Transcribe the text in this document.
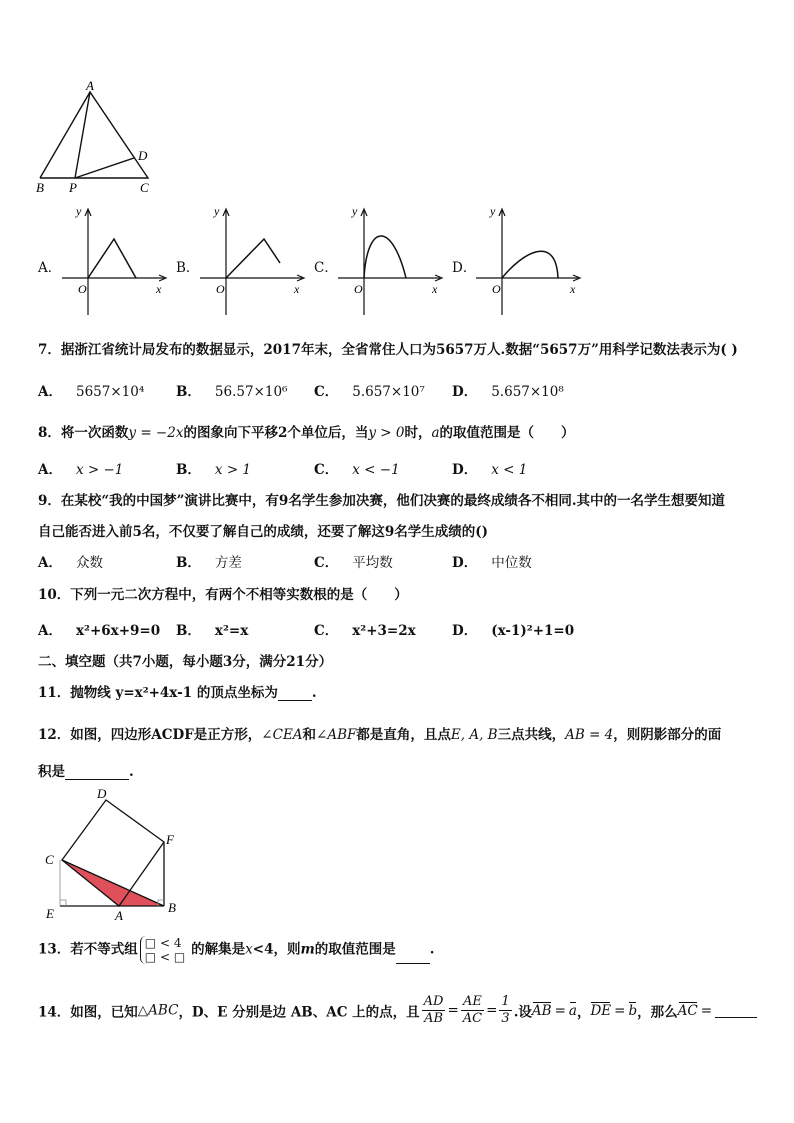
A
B P	C
D
A．
y
x
O
B．
y
x
O
C．
y
x
O
D．
y
x
O
7．据浙江省统计局发布的数据显示，2017年末，全省常住人口为5657万人.数据“5657万”用科学记数法表示为( )
A． 5657×10⁴ B． 56.57×10⁶ C． 5.657×10⁷ D． 5.657×10⁸
8．将一次函数y = −2x的图象向下平移2个单位后，当y > 0时，a的取值范围是（　　）
A． x > −1	B． x > 1	C． x < −1	D． x < 1
9．在某校“我的中国梦”演讲比赛中，有9名学生参加决赛，他们决赛的最终成绩各不相同.其中的一名学生想要知道
自己能否进入前5名，不仅要了解自己的成绩，还要了解这9名学生成绩的()
A． 众数	B． 方差	C． 平均数	D． 中位数
10．下列一元二次方程中，有两个不相等实数根的是（　　）
A． x²+6x+9=0 B． x²=x	C． x²+3=2x	D． (x-1)²+1=0
二、填空题（共7小题，每小题3分，满分21分）
11．抛物线 y=x²+4x-1 的顶点坐标为	.
12．如图，四边形ACDF是正方形，∠CEA和∠ABF都是直角，且点E, A, B三点共线，AB = 4，则阴影部分的面
积是	.
D
F
C
E	A
B
13．若不等式组 □ < 4
□ < □ 的解集是x<4，则m的取值范围是	.
14．如图，已知△ABC，D、E 分别是边 AB、AC 上的点，且 $\frac{AD}{AB} = \frac{AE}{AC} = \frac{1}{3}$ .设AB = a，DE = b，那么AC =
